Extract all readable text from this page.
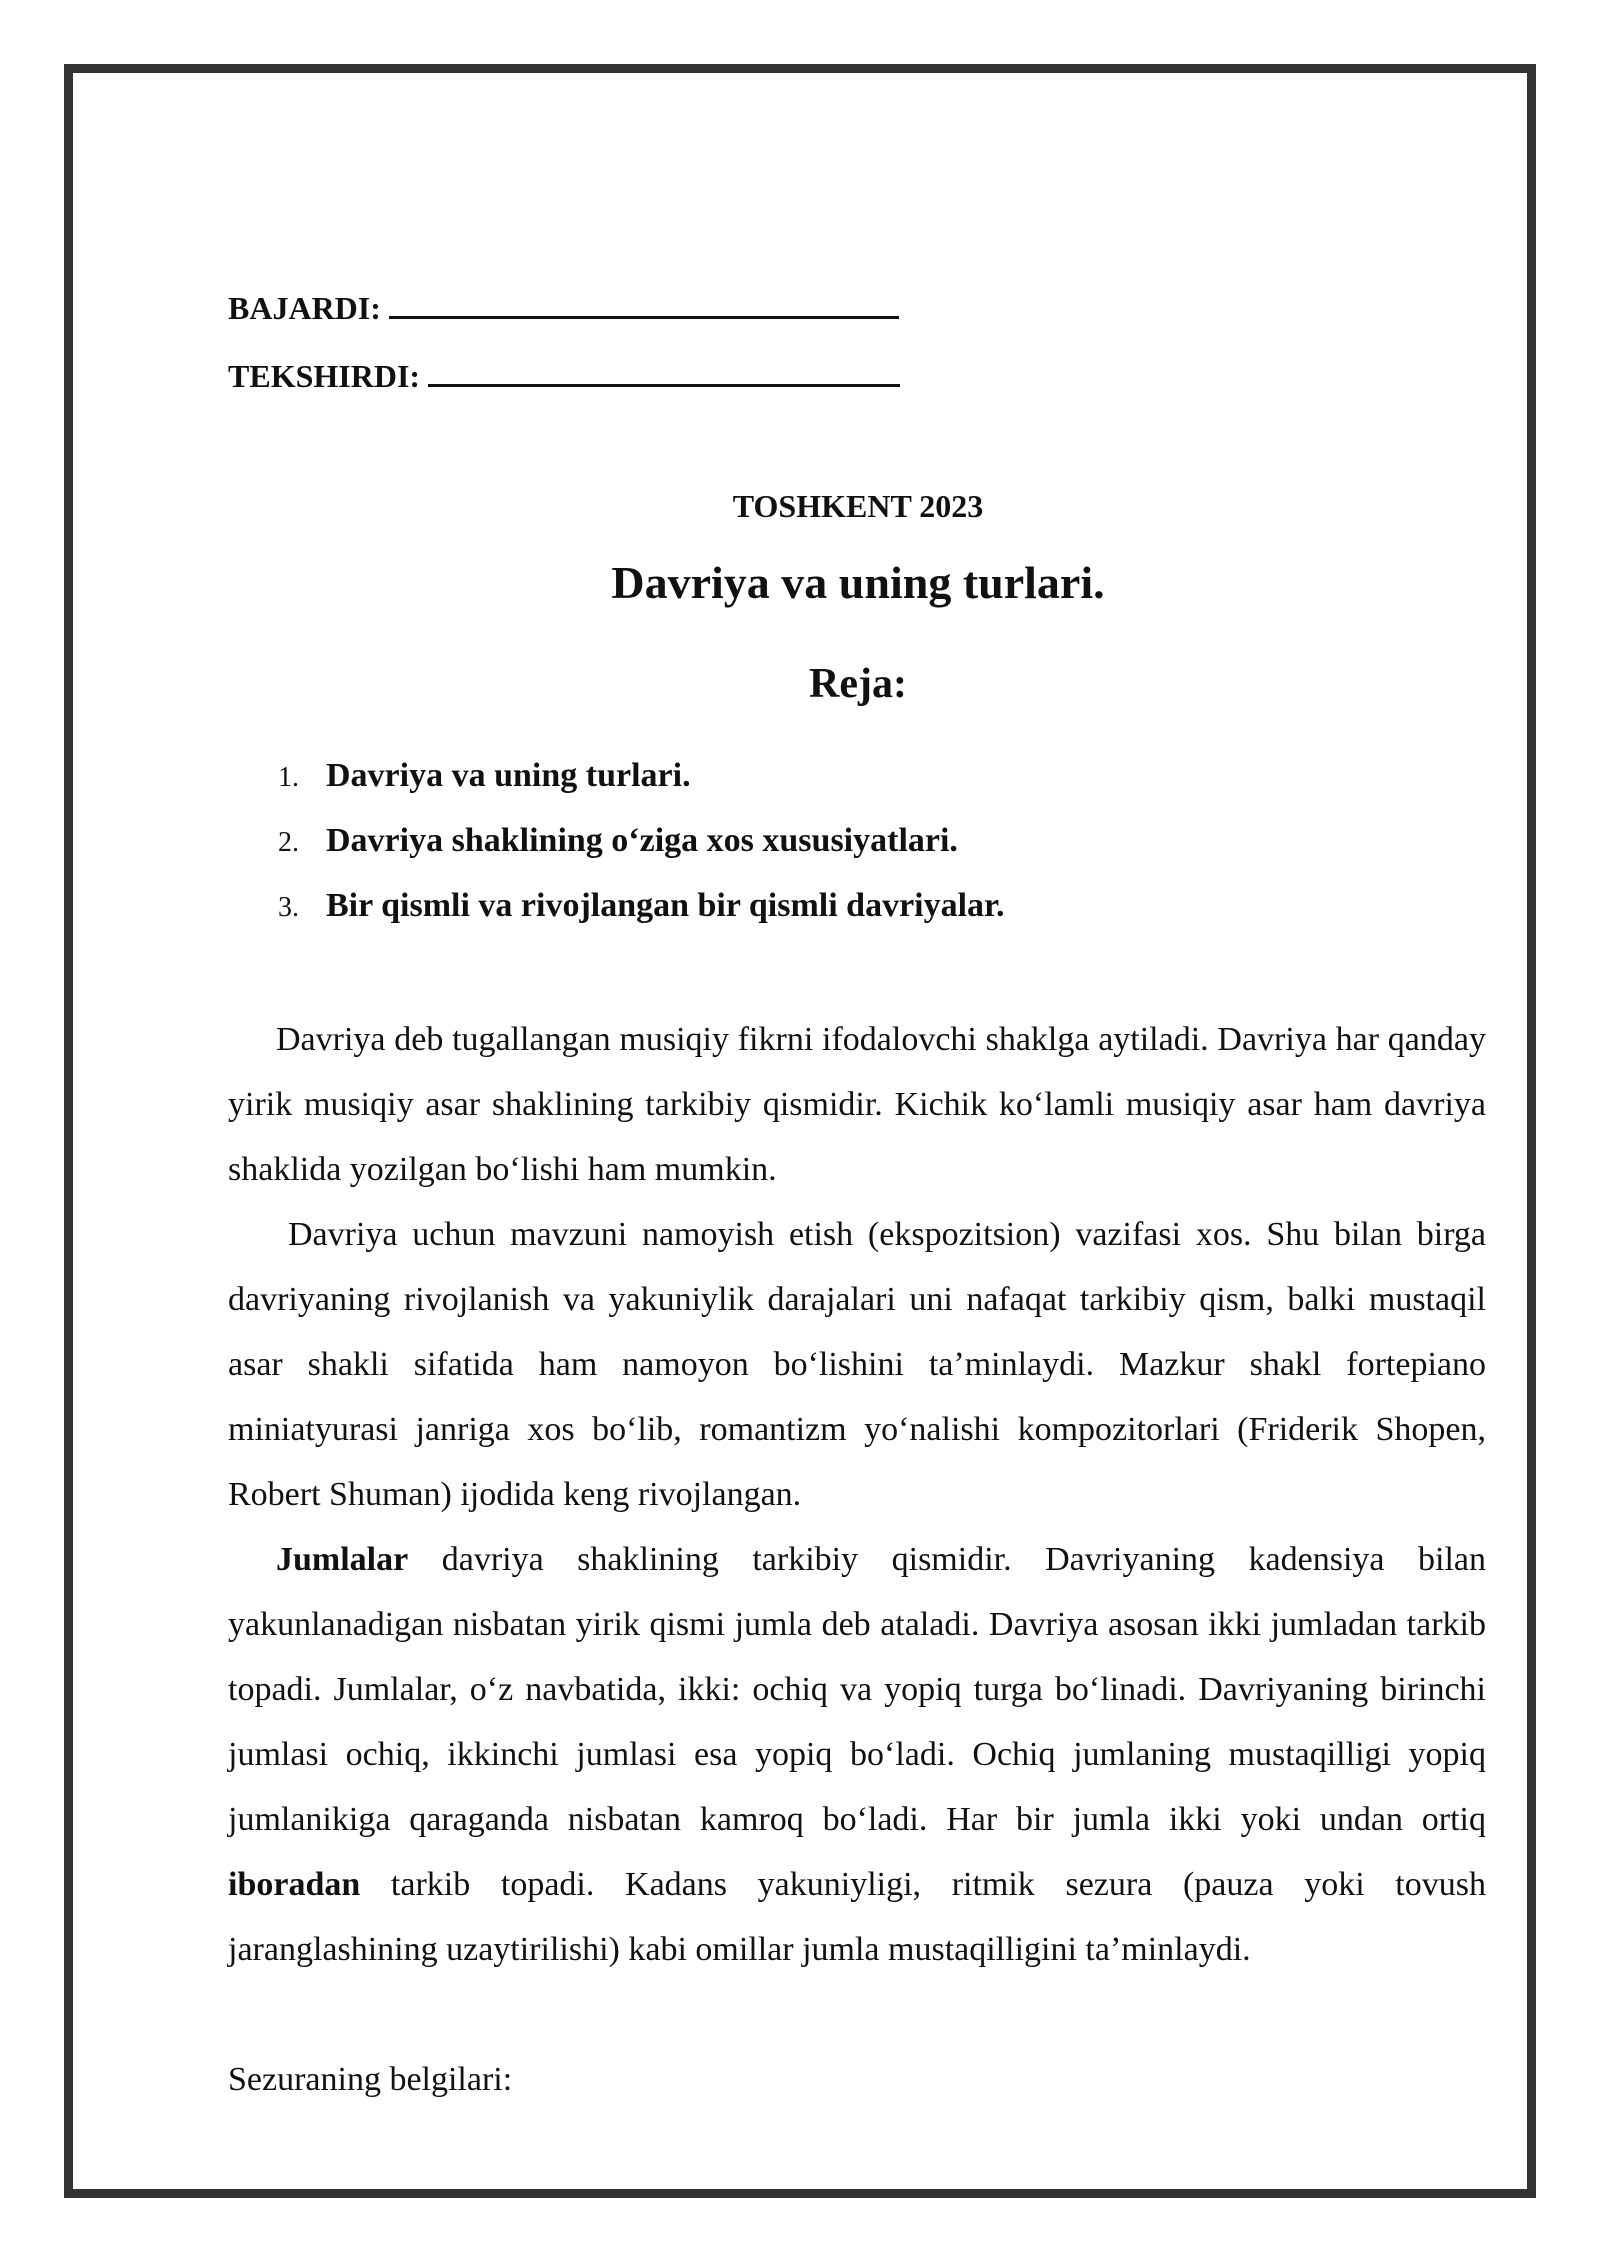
BAJARDI:
TEKSHIRDI:
TOSHKENT 2023
Davriya va uning turlari.
Reja:
1. Davriya va uning turlari.
2. Davriya shaklining oʻziga xos xususiyatlari.
3. Bir qismli va rivojlangan bir qismli davriyalar.
Davriya deb tugallangan musiqiy fikrni ifodalovchi shaklga aytiladi. Davriya har qanday yirik musiqiy asar shaklining tarkibiy qismidir. Kichik koʻlamli musiqiy asar ham davriya shaklida yozilgan boʻlishi ham mumkin.
Davriya uchun mavzuni namoyish etish (ekspozitsion) vazifasi xos. Shu bilan birga davriyaning rivojlanish va yakuniylik darajalari uni nafaqat tarkibiy qism, balki mustaqil asar shakli sifatida ham namoyon boʻlishini taʼminlaydi. Mazkur shakl fortepiano miniatyurasi janriga xos boʻlib, romantizm yoʻnalishi kompozitorlari (Friderik Shopen, Robert Shuman) ijodida keng rivojlangan.
Jumlalar davriya shaklining tarkibiy qismidir. Davriyaning kadensiya bilan yakunlanadigan nisbatan yirik qismi jumla deb ataladi. Davriya asosan ikki jumladan tarkib topadi. Jumlalar, oʻz navbatida, ikki: ochiq va yopiq turga boʻlinadi. Davriyaning birinchi jumlasi ochiq, ikkinchi jumlasi esa yopiq boʻladi. Ochiq jumlaning mustaqilligi yopiq jumlanikiga qaraganda nisbatan kamroq boʻladi. Har bir jumla ikki yoki undan ortiq iboradan tarkib topadi. Kadans yakuniyligi, ritmik sezura (pauza yoki tovush jaranglashining uzaytirilishi) kabi omillar jumla mustaqilligini taʼminlaydi.
Sezuraning belgilari:
